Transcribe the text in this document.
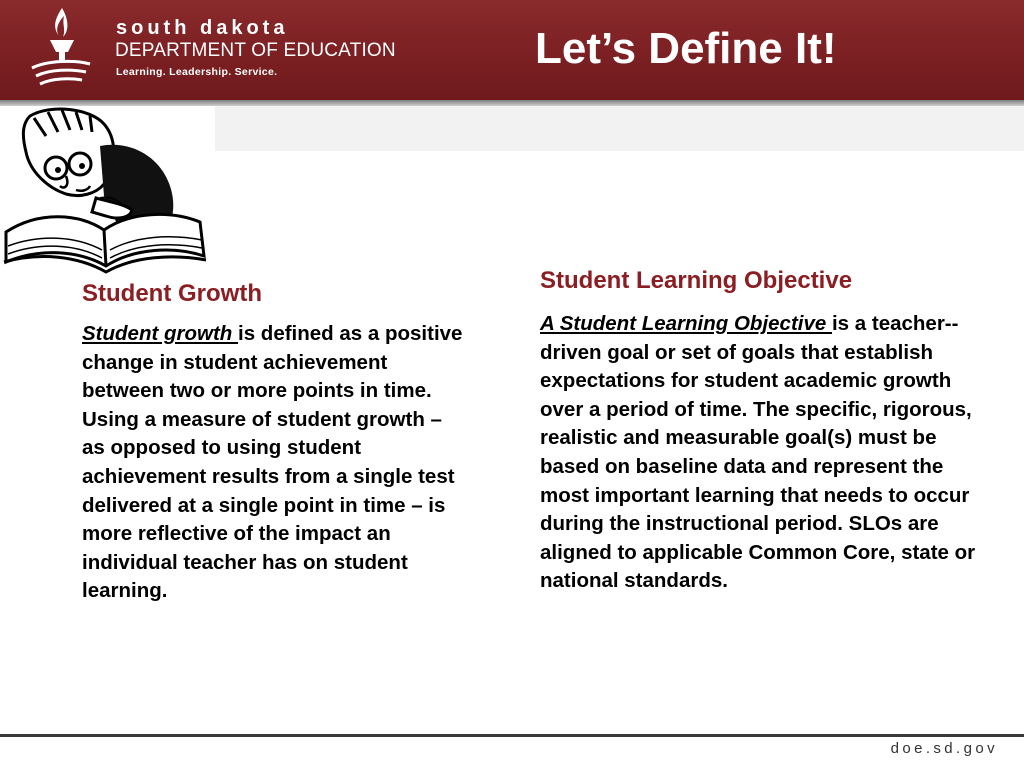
south dakota
DEPARTMENT OF EDUCATION
Learning. Leadership. Service.	Let’s Define It!

Student Growth

Student growth is defined as a positive change in student achievement between two or more points in time. Using a measure of student growth – as opposed to using student achievement results from a single test delivered at a single point in time – is more reflective of the impact an individual teacher has on student learning.

Student Learning Objective

A Student Learning Objective is a teacher--driven goal or set of goals that establish expectations for student academic growth over a period of time. The specific, rigorous, realistic and measurable goal(s) must be based on baseline data and represent the most important learning that needs to occur during the instructional period. SLOs are aligned to applicable Common Core, state or national standards.

doe.sd.gov
